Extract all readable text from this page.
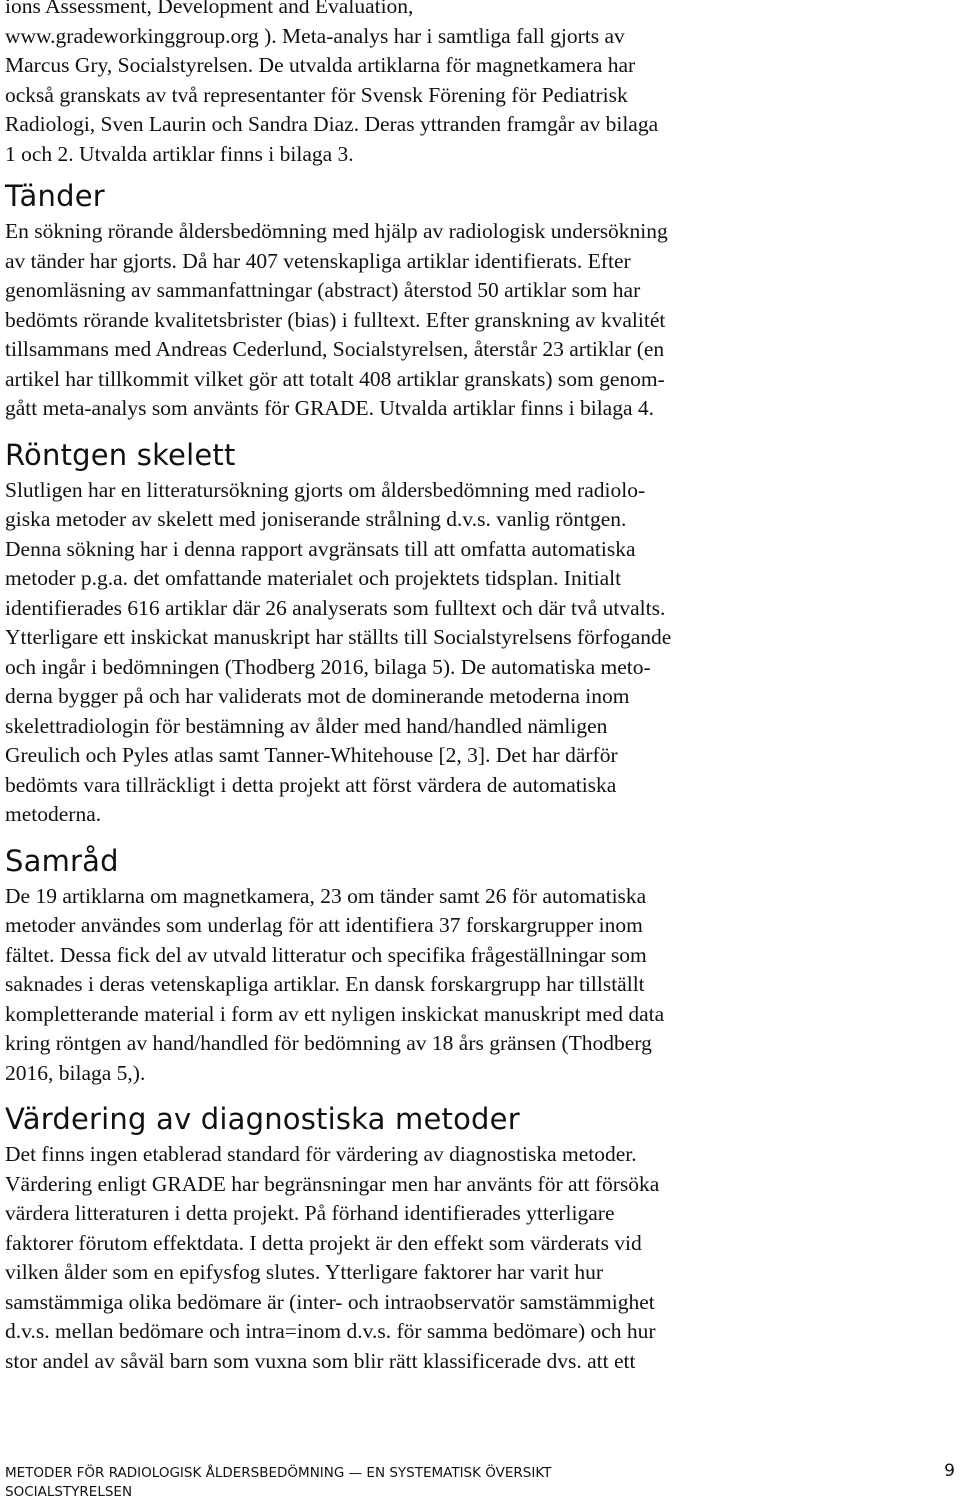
ions Assessment, Development and Evaluation,
www.gradeworkinggroup.org ). Meta-analys har i samtliga fall gjorts av
Marcus Gry, Socialstyrelsen. De utvalda artiklarna för magnetkamera har
också granskats av två representanter för Svensk Förening för Pediatrisk
Radiologi, Sven Laurin och Sandra Diaz. Deras yttranden framgår av bilaga
1 och 2. Utvalda artiklar finns i bilaga 3.

Tänder

En sökning rörande åldersbedömning med hjälp av radiologisk undersökning
av tänder har gjorts. Då har 407 vetenskapliga artiklar identifierats. Efter
genomläsning av sammanfattningar (abstract) återstod 50 artiklar som har
bedömts rörande kvalitetsbrister (bias) i fulltext. Efter granskning av kvalitét
tillsammans med Andreas Cederlund, Socialstyrelsen, återstår 23 artiklar (en
artikel har tillkommit vilket gör att totalt 408 artiklar granskats) som genom-
gått meta-analys som använts för GRADE. Utvalda artiklar finns i bilaga 4.

Röntgen skelett

Slutligen har en litteratursökning gjorts om åldersbedömning med radiolo-
giska metoder av skelett med joniserande strålning d.v.s. vanlig röntgen.
Denna sökning har i denna rapport avgränsats till att omfatta automatiska
metoder p.g.a. det omfattande materialet och projektets tidsplan. Initialt
identifierades 616 artiklar där 26 analyserats som fulltext och där två utvalts.
Ytterligare ett inskickat manuskript har ställts till Socialstyrelsens förfogande
och ingår i bedömningen (Thodberg 2016, bilaga 5). De automatiska meto-
derna bygger på och har validerats mot de dominerande metoderna inom
skelettradiologin för bestämning av ålder med hand/handled nämligen
Greulich och Pyles atlas samt Tanner-Whitehouse [2, 3]. Det har därför
bedömts vara tillräckligt i detta projekt att först värdera de automatiska
metoderna.

Samråd

De 19 artiklarna om magnetkamera, 23 om tänder samt 26 för automatiska
metoder användes som underlag för att identifiera 37 forskargrupper inom
fältet. Dessa fick del av utvald litteratur och specifika frågeställningar som
saknades i deras vetenskapliga artiklar. En dansk forskargrupp har tillställt
kompletterande material i form av ett nyligen inskickat manuskript med data
kring röntgen av hand/handled för bedömning av 18 års gränsen (Thodberg
2016, bilaga 5,).

Värdering av diagnostiska metoder

Det finns ingen etablerad standard för värdering av diagnostiska metoder.
Värdering enligt GRADE har begränsningar men har använts för att försöka
värdera litteraturen i detta projekt. På förhand identifierades ytterligare
faktorer förutom effektdata. I detta projekt är den effekt som värderats vid
vilken ålder som en epifysfog slutes. Ytterligare faktorer har varit hur
samstämmiga olika bedömare är (inter- och intraobservatör samstämmighet
d.v.s. mellan bedömare och intra=inom d.v.s. för samma bedömare) och hur
stor andel av såväl barn som vuxna som blir rätt klassificerade dvs. att ett

METODER FÖR RADIOLOGISK ÅLDERSBEDÖMNING — EN SYSTEMATISK ÖVERSIKT
SOCIALSTYRELSEN
9
